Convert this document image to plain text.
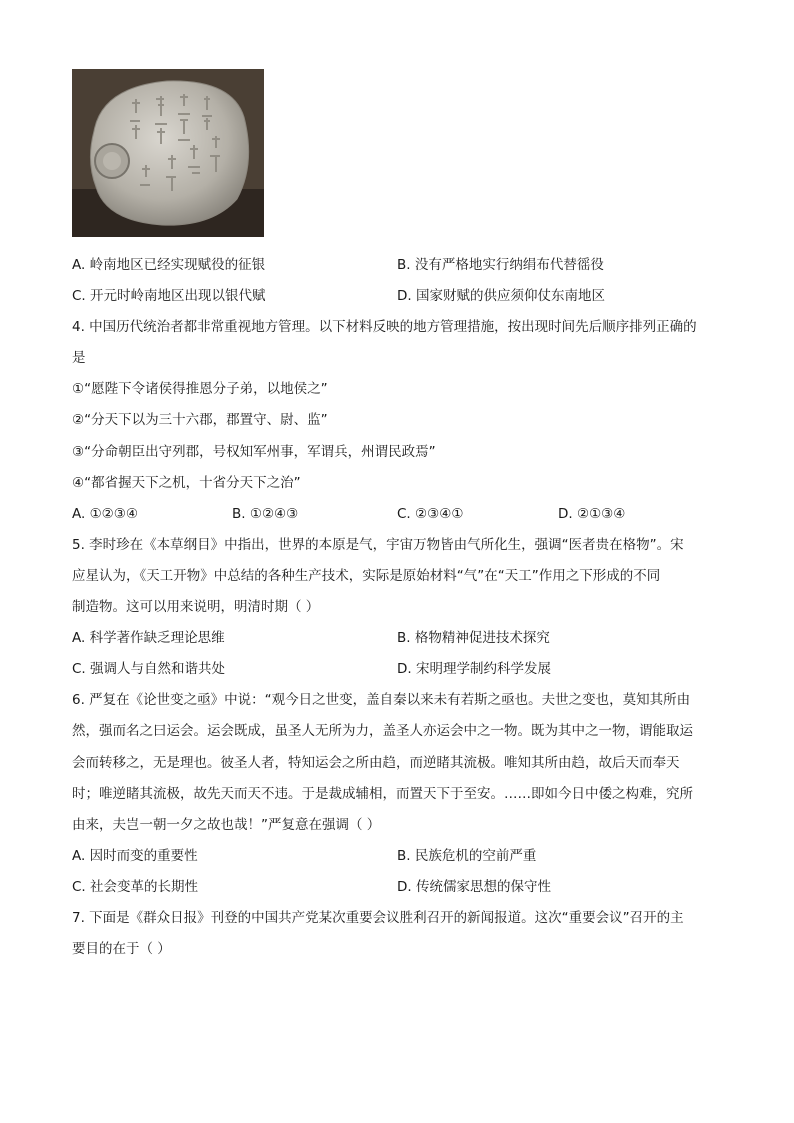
A. 岭南地区已经实现赋役的征银	B. 没有严格地实行纳绢布代替徭役
C. 开元时岭南地区出现以银代赋	D. 国家财赋的供应须仰仗东南地区
4. 中国历代统治者都非常重视地方管理。以下材料反映的地方管理措施，按出现时间先后顺序排列正确的
是
①“愿陛下令诸侯得推恩分子弟，以地侯之”
②“分天下以为三十六郡，郡置守、尉、监”
③“分命朝臣出守列郡，号权知军州事，军谓兵，州谓民政焉”
④“都省握天下之机，十省分天下之治”
A. ①②③④	B. ①②④③	C. ②③④①	D. ②①③④
5. 李时珍在《本草纲目》中指出，世界的本原是气，宇宙万物皆由气所化生，强调“医者贵在格物”。宋
应星认为，《天工开物》中总结的各种生产技术，实际是原始材料“气”在“天工”作用之下形成的不同
制造物。这可以用来说明，明清时期（ ）
A. 科学著作缺乏理论思维	B. 格物精神促进技术探究
C. 强调人与自然和谐共处	D. 宋明理学制约科学发展
6. 严复在《论世变之亟》中说：“观今日之世变，盖自秦以来未有若斯之亟也。夫世之变也，莫知其所由
然，强而名之曰运会。运会既成，虽圣人无所为力，盖圣人亦运会中之一物。既为其中之一物，谓能取运
会而转移之，无是理也。彼圣人者，特知运会之所由趋，而逆睹其流极。唯知其所由趋，故后天而奉天
时；唯逆睹其流极，故先天而天不违。于是裁成辅相，而置天下于至安。……即如今日中倭之构难，究所
由来，夫岂一朝一夕之故也哉！”严复意在强调（ ）
A. 因时而变的重要性	B. 民族危机的空前严重
C. 社会变革的长期性	D. 传统儒家思想的保守性
7. 下面是《群众日报》刊登的中国共产党某次重要会议胜利召开的新闻报道。这次“重要会议”召开的主
要目的在于（ ）
